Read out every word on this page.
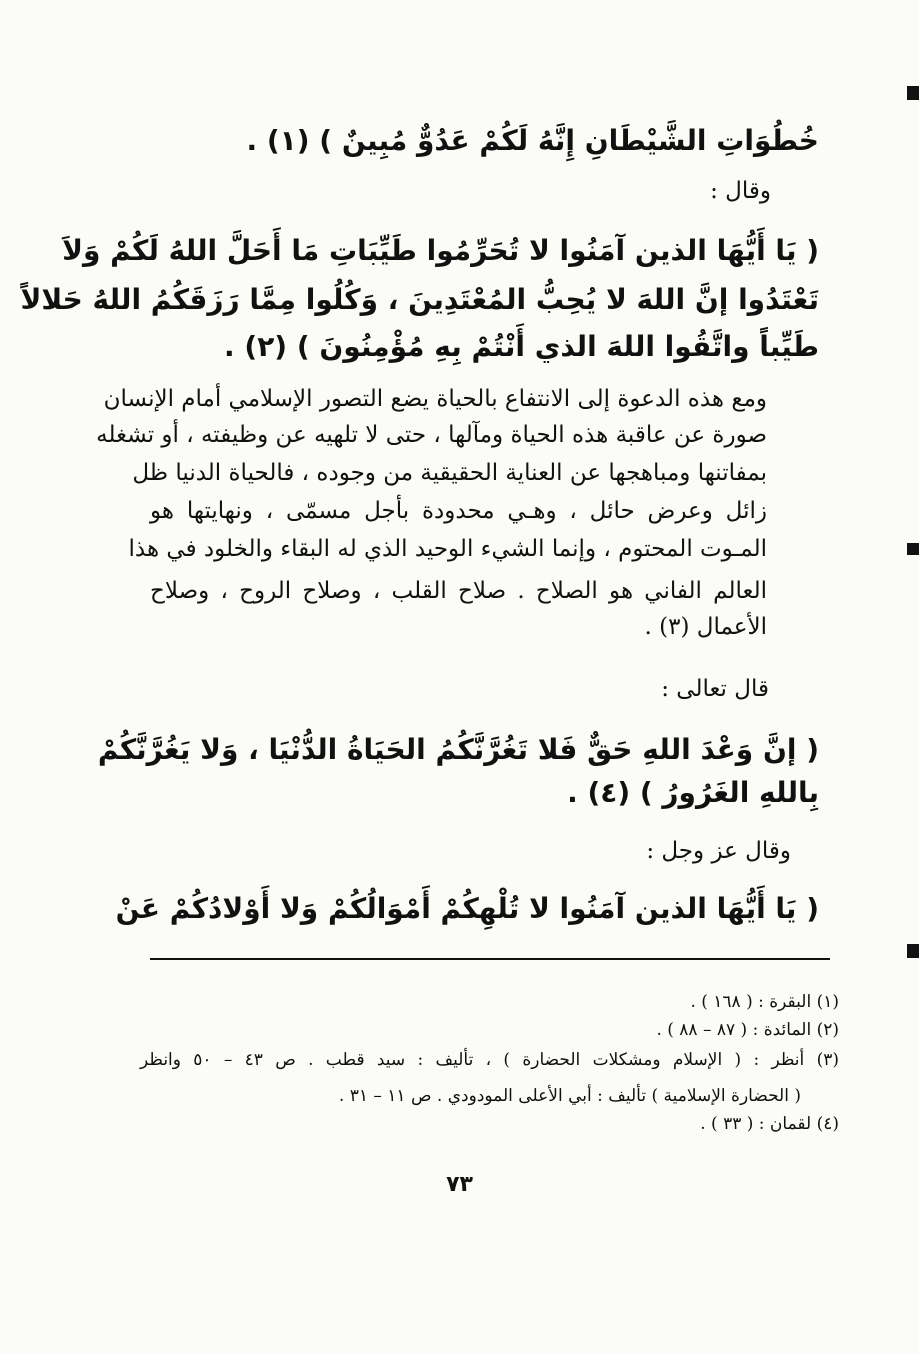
خُطُوَاتِ الشَّيْطَانِ إِنَّهُ لَكُمْ عَدُوٌّ مُبِينٌ ) (١) .
وقال :
( يَا أَيُّهَا الذين آمَنُوا لا تُحَرِّمُوا طَيِّبَاتِ مَا أَحَلَّ اللهُ لَكُمْ وَلاَ
تَعْتَدُوا إنَّ اللهَ لا يُحِبُّ المُعْتَدِينَ ، وَكُلُوا مِمَّا رَزَقَكُمُ اللهُ حَلالاً
طَيِّباً واتَّقُوا اللهَ الذي أَنْتُمْ بِهِ مُؤْمِنُونَ ) (٢) .
ومع هذه الدعوة إلى الانتفاع بالحياة يضع التصور الإسلامي أمام الإنسان
صورة عن عاقبة هذه الحياة ومآلها ، حتى لا تلهيه عن وظيفته ، أو تشغله
بمفاتنها ومباهجها عن العناية الحقيقية من وجوده ، فالحياة الدنيا ظل
زائل وعرض حائل ، وهـي محدودة بأجل مسمّى ، ونهايتها هو
المـوت المحتوم ، وإنما الشيء الوحيد الذي له البقاء والخلود في هذا
العالم الفاني هو الصلاح . صلاح القلب ، وصلاح الروح ، وصلاح
الأعمال (٣) .
قال تعالى :
( إنَّ وَعْدَ اللهِ حَقٌّ فَلا تَغُرَّنَّكُمُ الحَيَاةُ الدُّنْيَا ، وَلا يَغُرَّنَّكُمْ
بِاللهِ الغَرُورُ ) (٤) .
وقال عز وجل :
( يَا أَيُّهَا الذين آمَنُوا لا تُلْهِكُمْ أَمْوَالُكُمْ وَلا أَوْلادُكُمْ عَنْ
(١) البقرة : ( ١٦٨ ) .
(٢) المائدة : ( ٨٧ – ٨٨ ) .
(٣) أنظر : ( الإسلام ومشكلات الحضارة ) ، تأليف : سيد قطب . ص ٤٣ – ٥٠ وانظر
( الحضارة الإسلامية ) تأليف : أبي الأعلى المودودي . ص ١١ – ٣١ .
(٤) لقمان : ( ٣٣ ) .
٧٣
